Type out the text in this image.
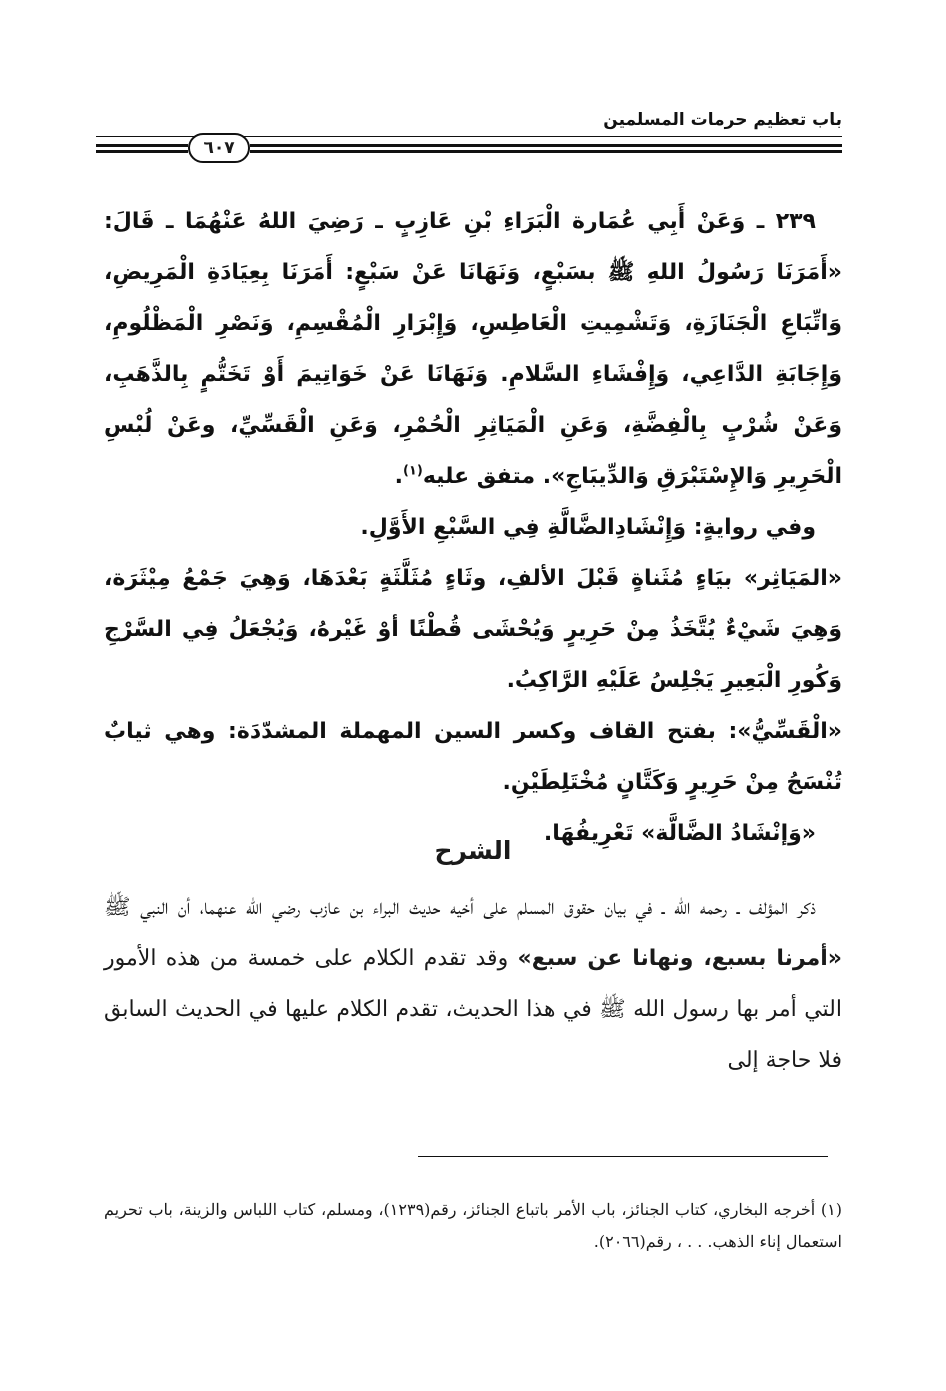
باب تعظيم حرمات المسلمين
٦٠٧

٢٣٩ ـ وَعَنْ أَبِي عُمَارة الْبَرَاءِ بْنِ عَازِبٍ ـ رَضِيَ اللهُ عَنْهُمَا ـ قَالَ: «أَمَرَنَا رَسُولُ اللهِ ﷺ بسَبْعٍ، وَنَهَانَا عَنْ سَبْعٍ: أَمَرَنَا بِعِيَادَةِ الْمَرِيضِ، وَاتِّبَاعِ الْجَنَازَةِ، وَتَشْمِيتِ الْعَاطِسِ، وَإِبْرَارِ الْمُقْسِمِ، وَنَصْرِ الْمَظْلُومِ، وَإِجَابَةِ الدَّاعِي، وَإِفْشَاءِ السَّلامِ. وَنَهَانَا عَنْ خَوَاتِيمَ أَوْ تَخَتُّمٍ بِالذَّهَبِ، وَعَنْ شُرْبٍ بِالْفِضَّةِ، وَعَنِ الْمَيَاثِرِ الْحُمْرِ، وَعَنِ الْقَسِّيِّ، وعَنْ لُبْسِ الْحَرِيرِ وَالإِسْتَبْرَقِ وَالدِّيبَاجِ». متفق عليه$^{(١)}$.

وفي روايةٍ: وَإِنْشَادِالضَّالَّةِ فِي السَّبْعِ الأَوَّلِ.

«المَيَاثِر» بيَاءٍ مُثَناةٍ قَبْلَ الألفِ، وثَاءٍ مُثَلَّثَةٍ بَعْدَهَا، وَهِيَ جَمْعُ مِيْثَرَة، وَهِيَ شَيْءٌ يُتَّخَذُ مِنْ حَرِيرٍ وَيُحْشَى قُطْنًا أوْ غَيْرهُ، وَيُجْعَلُ فِي السَّرْجِ وَكُورِ الْبَعِيرِ يَجْلِسُ عَلَيْهِ الرَّاكِبُ.

«الْقَسِّيُّ»: بفتح القاف وكسر السين المهملة المشدّدَة: وهي ثيابٌ تُنْسَجُ مِنْ حَرِيرٍ وَكَتَّانٍ مُخْتَلِطَيْنِ.

«وَإنْشَادُ الضَّالَّة» تَعْرِيفُهَا.

الشرح

ذكر المؤلف ـ رحمه الله ـ في بيان حقوق المسلم على أخيه حديث البراء بن عازب رضي الله عنهما، أن النبي ﷺ «أمرنا بسبع، ونهانا عن سبع» وقد تقدم الكلام على خمسة من هذه الأمور التي أمر بها رسول الله ﷺ في هذا الحديث، تقدم الكلام عليها في الحديث السابق فلا حاجة إلى

(١) أخرجه البخاري، كتاب الجنائز، باب الأمر باتباع الجنائز، رقم(١٢٣٩)، ومسلم، كتاب اللباس والزينة، باب تحريم استعمال إناء الذهب. . . ، رقم(٢٠٦٦).
